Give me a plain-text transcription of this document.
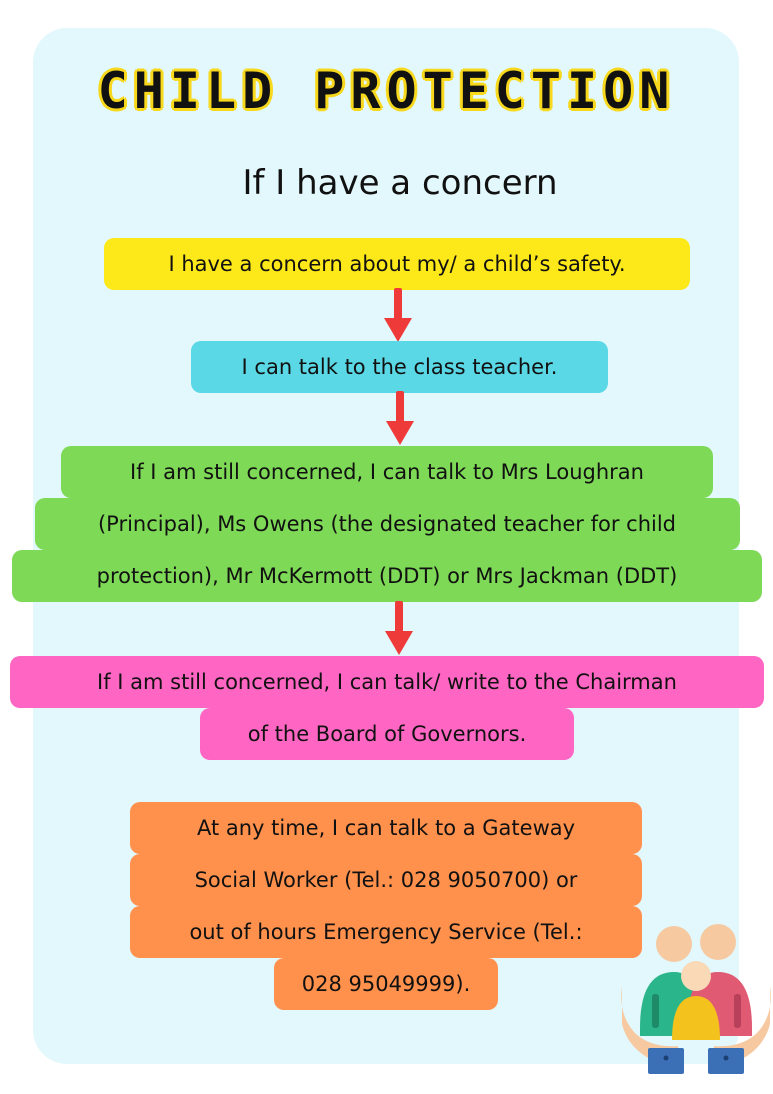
CHILD PROTECTION
If I have a concern
I have a concern about my/ a child’s safety.
I can talk to the class teacher.
If I am still concerned, I can talk to Mrs Loughran
(Principal), Ms Owens (the designated teacher for child
protection), Mr McKermott (DDT) or Mrs Jackman (DDT)
If I am still concerned, I can talk/ write to the Chairman
of the Board of Governors.
At any time, I can talk to a Gateway
Social Worker (Tel.: 028 9050700) or
out of hours Emergency Service (Tel.:
028 95049999).
